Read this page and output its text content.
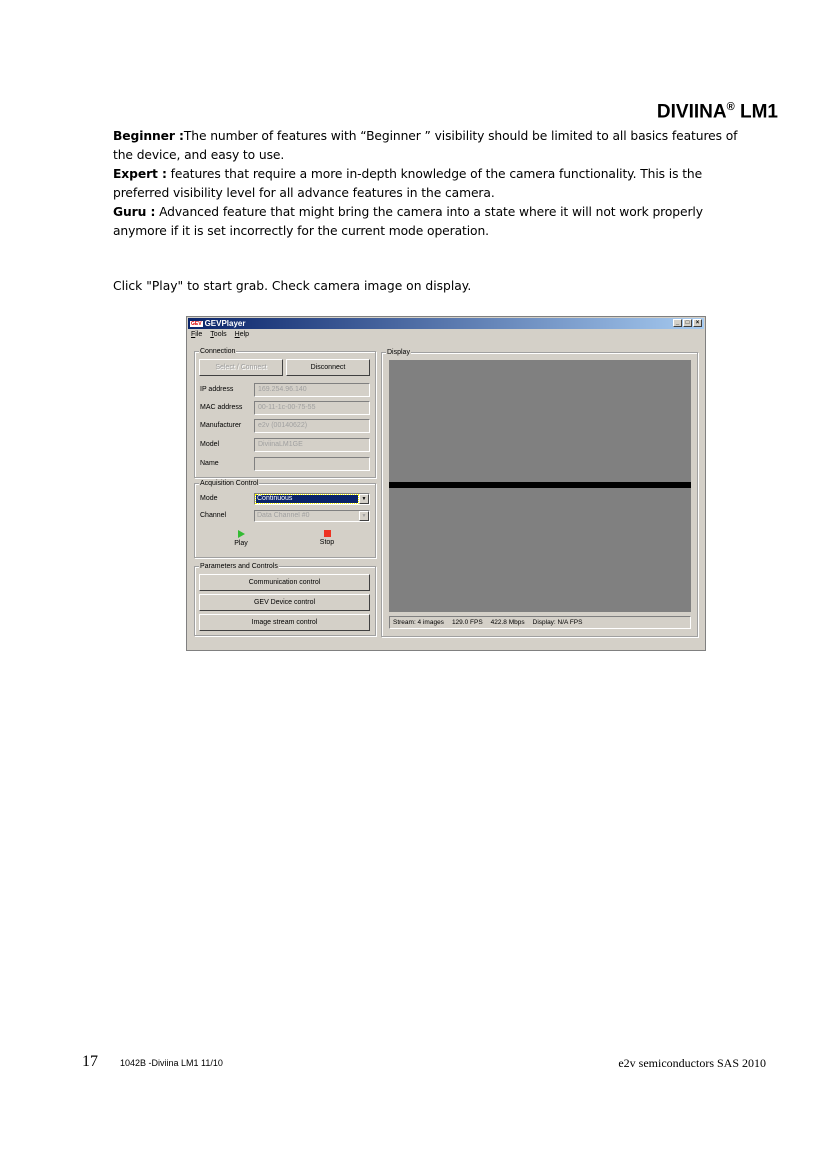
DIVIINA® LM1
Beginner :The number of features with “Beginner ” visibility should be limited to all basics features of
the device, and easy to use.
Expert : features that require a more in-depth knowledge of the camera functionality. This is the
preferred visibility level for all advance features in the camera.
Guru : Advanced feature that might bring the camera into a state where it will not work properly
anymore if it is set incorrectly for the current mode operation.
Click "Play" to start grab. Check camera image on display.
GEV GEVPlayer	_	□	×
File Tools Help
Connection
Select / Connect	Disconnect
IP address	169.254.96.140
MAC address	00-11-1c-00-75-55
Manufacturer	e2v (00140622)
Model	DiviinaLM1GE
Name
Acquisition Control
Mode	Continuous	▼
Channel	Data Channel #0	▼
Play	Stop
Parameters and Controls
Communication control
GEV Device control
Image stream control
Display
Stream: 4 images 129.0 FPS 422.8 Mbps Display: N/A FPS
17 1042B -Diviina LM1 11/10	e2v semiconductors SAS 2010
